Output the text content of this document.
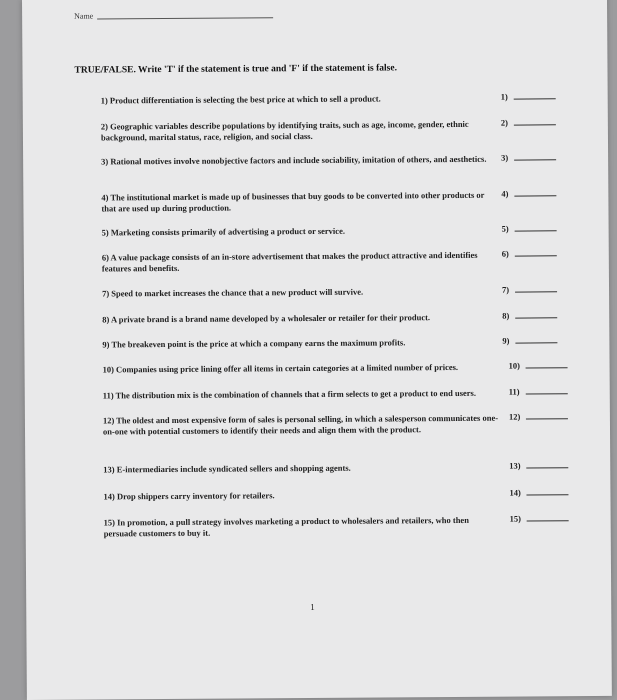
Name
TRUE/FALSE. Write 'T' if the statement is true and 'F' if the statement is false.
1) Product differentiation is selecting the best price at which to sell a product.	1)
2) Geographic variables describe populations by identifying traits, such as age, income, gender, ethnic background, marital status, race, religion, and social class.
2)
3) Rational motives involve nonobjective factors and include sociability, imitation of others, and aesthetics.	3)
4) The institutional market is made up of businesses that buy goods to be converted into other products or that are used up during production.
4)
5) Marketing consists primarily of advertising a product or service.	5)
6) A value package consists of an in-store advertisement that makes the product attractive and identifies features and benefits.
6)
7) Speed to market increases the chance that a new product will survive.	7)
8) A private brand is a brand name developed by a wholesaler or retailer for their product.	8)
9) The breakeven point is the price at which a company earns the maximum profits.	9)
10) Companies using price lining offer all items in certain categories at a limited number of prices.	10)
11) The distribution mix is the combination of channels that a firm selects to get a product to end users.	11)
12) The oldest and most expensive form of sales is personal selling, in which a salesperson communicates one-on-one with potential customers to identify their needs and align them with the product.
12)
13) E-intermediaries include syndicated sellers and shopping agents.	13)
14) Drop shippers carry inventory for retailers.	14)
15) In promotion, a pull strategy involves marketing a product to wholesalers and retailers, who then persuade customers to buy it.
15)
1
